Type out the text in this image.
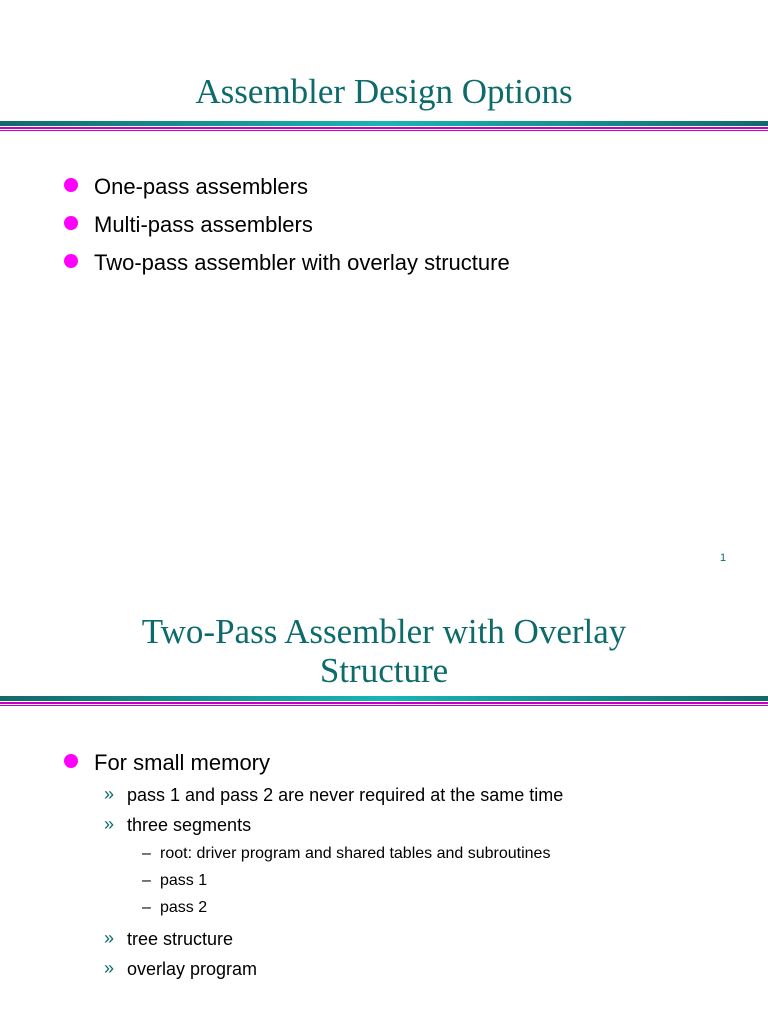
Assembler Design Options
One-pass assemblers
Multi-pass assemblers
Two-pass assembler with overlay structure
1
Two-Pass Assembler with Overlay
Structure
For small memory
» pass 1 and pass 2 are never required at the same time
» three segments
– root: driver program and shared tables and subroutines
– pass 1
– pass 2
» tree structure
» overlay program
